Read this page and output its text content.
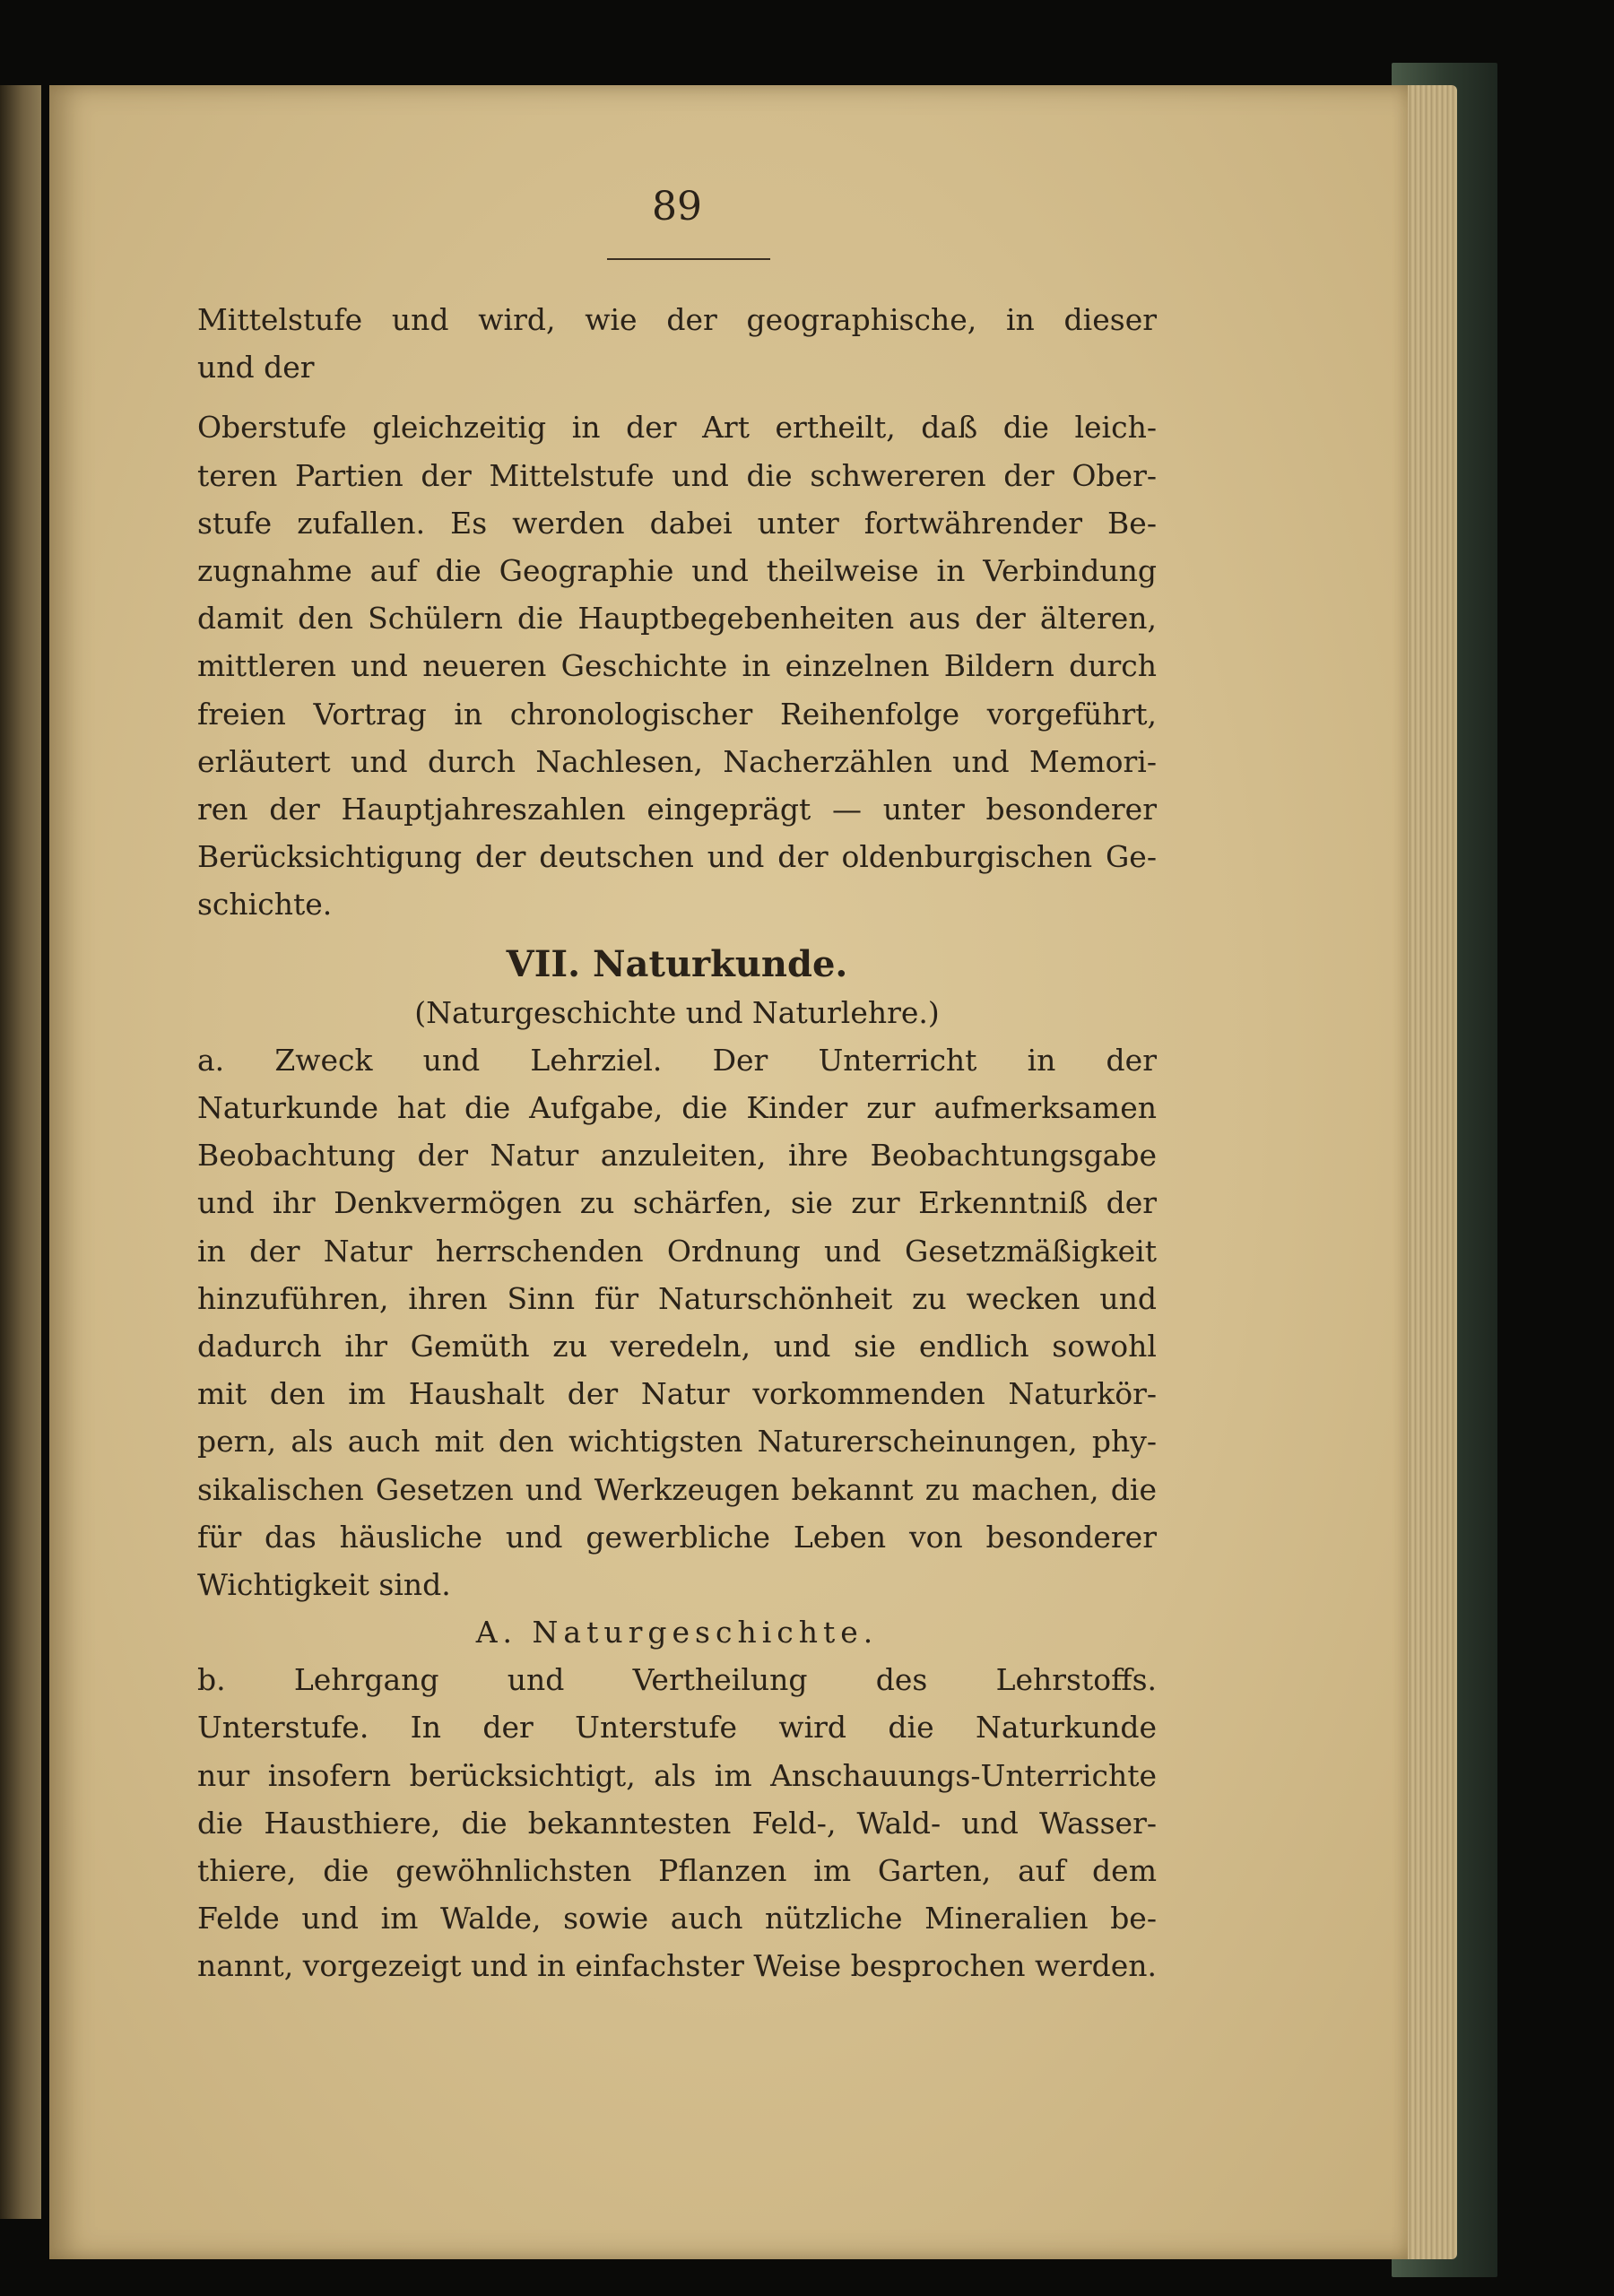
89
Mittelstufe und wird, wie der geographische, in dieser
und der
Oberstufe gleichzeitig in der Art ertheilt, daß die leich-
teren Partien der Mittelstufe und die schwereren der Ober-
stufe zufallen. Es werden dabei unter fortwährender Be-
zugnahme auf die Geographie und theilweise in Verbindung
damit den Schülern die Hauptbegebenheiten aus der älteren,
mittleren und neueren Geschichte in einzelnen Bildern durch
freien Vortrag in chronologischer Reihenfolge vorgeführt,
erläutert und durch Nachlesen, Nacherzählen und Memori-
ren der Hauptjahreszahlen eingeprägt — unter besonderer
Berücksichtigung der deutschen und der oldenburgischen Ge-
schichte.
VII. Naturkunde.
(Naturgeschichte und Naturlehre.)
a. Zweck und Lehrziel. Der Unterricht in der
Naturkunde hat die Aufgabe, die Kinder zur aufmerksamen
Beobachtung der Natur anzuleiten, ihre Beobachtungsgabe
und ihr Denkvermögen zu schärfen, sie zur Erkenntniß der
in der Natur herrschenden Ordnung und Gesetzmäßigkeit
hinzuführen, ihren Sinn für Naturschönheit zu wecken und
dadurch ihr Gemüth zu veredeln, und sie endlich sowohl
mit den im Haushalt der Natur vorkommenden Naturkör-
pern, als auch mit den wichtigsten Naturerscheinungen, phy-
sikalischen Gesetzen und Werkzeugen bekannt zu machen, die
für das häusliche und gewerbliche Leben von besonderer
Wichtigkeit sind.
A. Naturgeschichte.
b. Lehrgang und Vertheilung des Lehrstoffs.
Unterstufe. In der Unterstufe wird die Naturkunde
nur insofern berücksichtigt, als im Anschauungs-Unterrichte
die Hausthiere, die bekanntesten Feld-, Wald- und Wasser-
thiere, die gewöhnlichsten Pflanzen im Garten, auf dem
Felde und im Walde, sowie auch nützliche Mineralien be-
nannt, vorgezeigt und in einfachster Weise besprochen werden.
